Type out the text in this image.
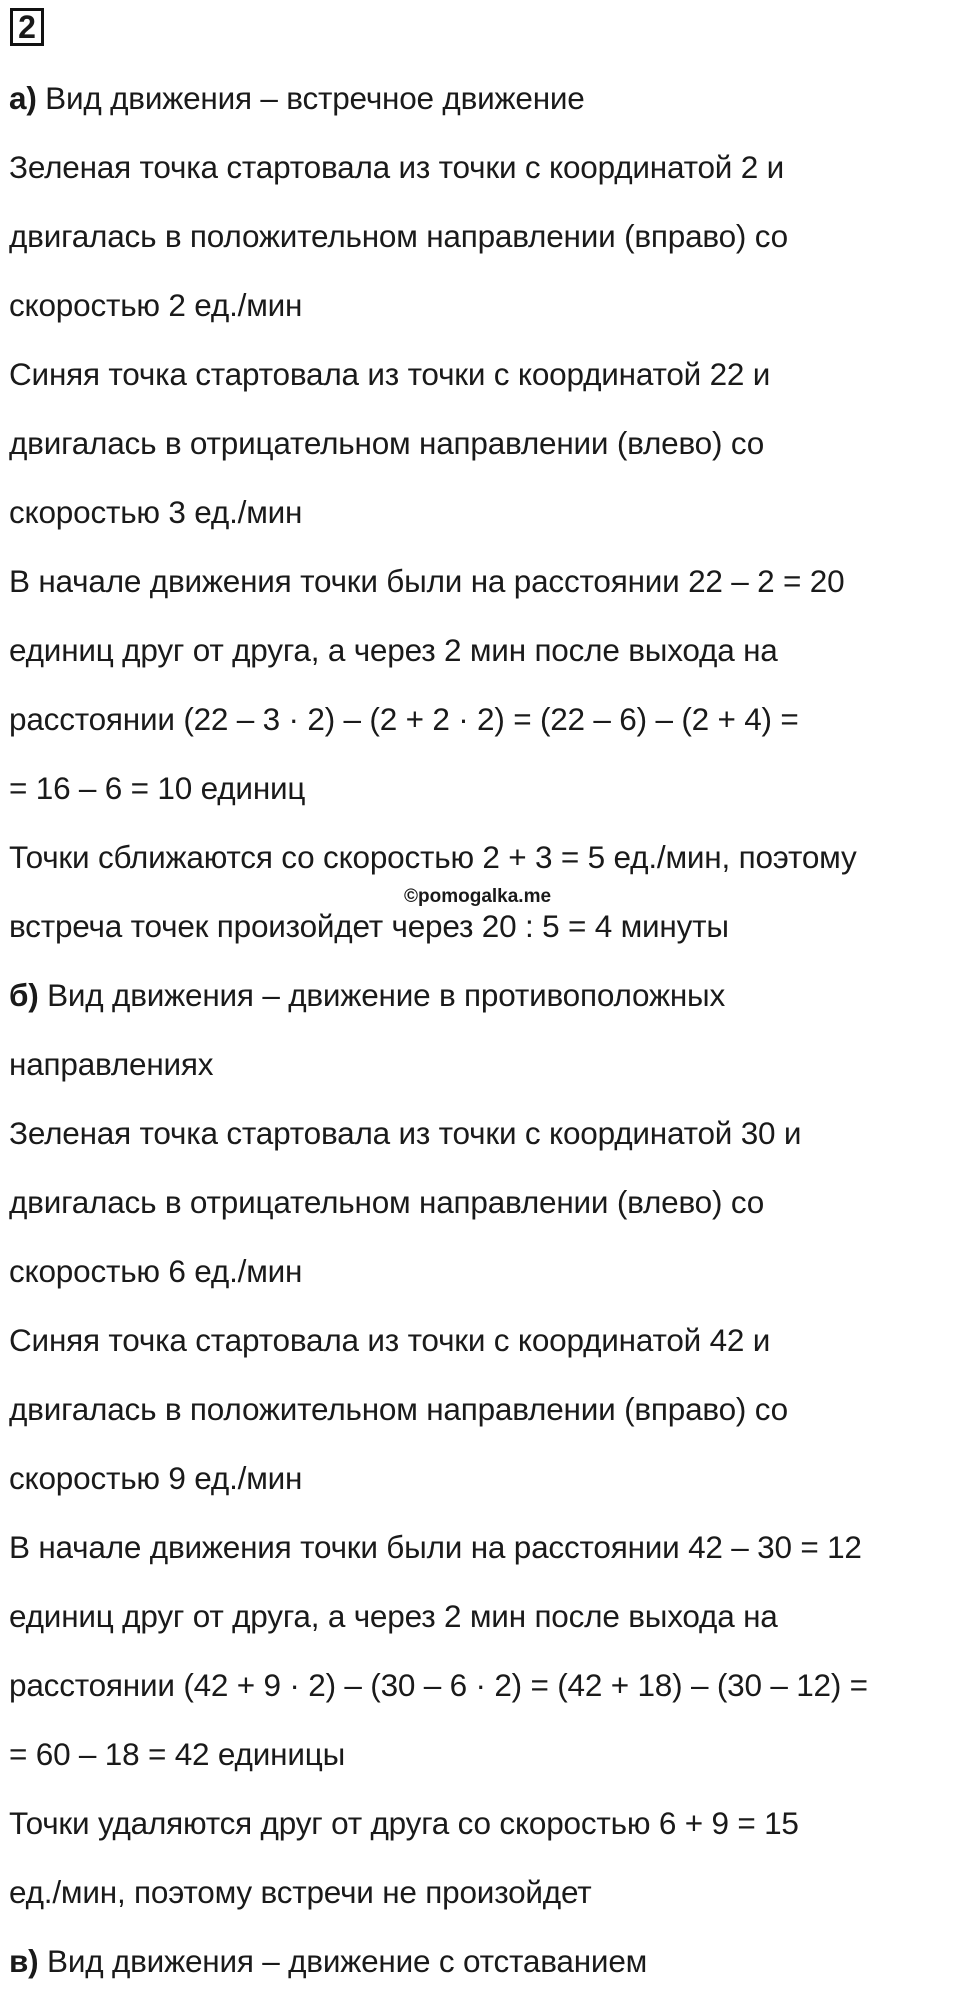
2
а) Вид движения – встречное движение
Зеленая точка стартовала из точки с координатой 2 и
двигалась в положительном направлении (вправо) со
скоростью 2 ед./мин
Синяя точка стартовала из точки с координатой 22 и
двигалась в отрицательном направлении (влево) со
скоростью 3 ед./мин
В начале движения точки были на расстоянии 22 – 2 = 20
единиц друг от друга, а через 2 мин после выхода на
расстоянии (22 – 3 · 2) – (2 + 2 · 2) = (22 – 6) – (2 + 4) =
= 16 – 6 = 10 единиц
Точки сближаются со скоростью 2 + 3 = 5 ед./мин, поэтому
встреча точек произойдет через 20 : 5 = 4 минуты
б) Вид движения – движение в противоположных
направлениях
Зеленая точка стартовала из точки с координатой 30 и
двигалась в отрицательном направлении (влево) со
скоростью 6 ед./мин
Синяя точка стартовала из точки с координатой 42 и
двигалась в положительном направлении (вправо) со
скоростью 9 ед./мин
В начале движения точки были на расстоянии 42 – 30 = 12
единиц друг от друга, а через 2 мин после выхода на
расстоянии (42 + 9 · 2) – (30 – 6 · 2) = (42 + 18) – (30 – 12) =
= 60 – 18 = 42 единицы
Точки удаляются друг от друга со скоростью 6 + 9 = 15
ед./мин, поэтому встречи не произойдет
в) Вид движения – движение с отставанием
©pomogalka.me
